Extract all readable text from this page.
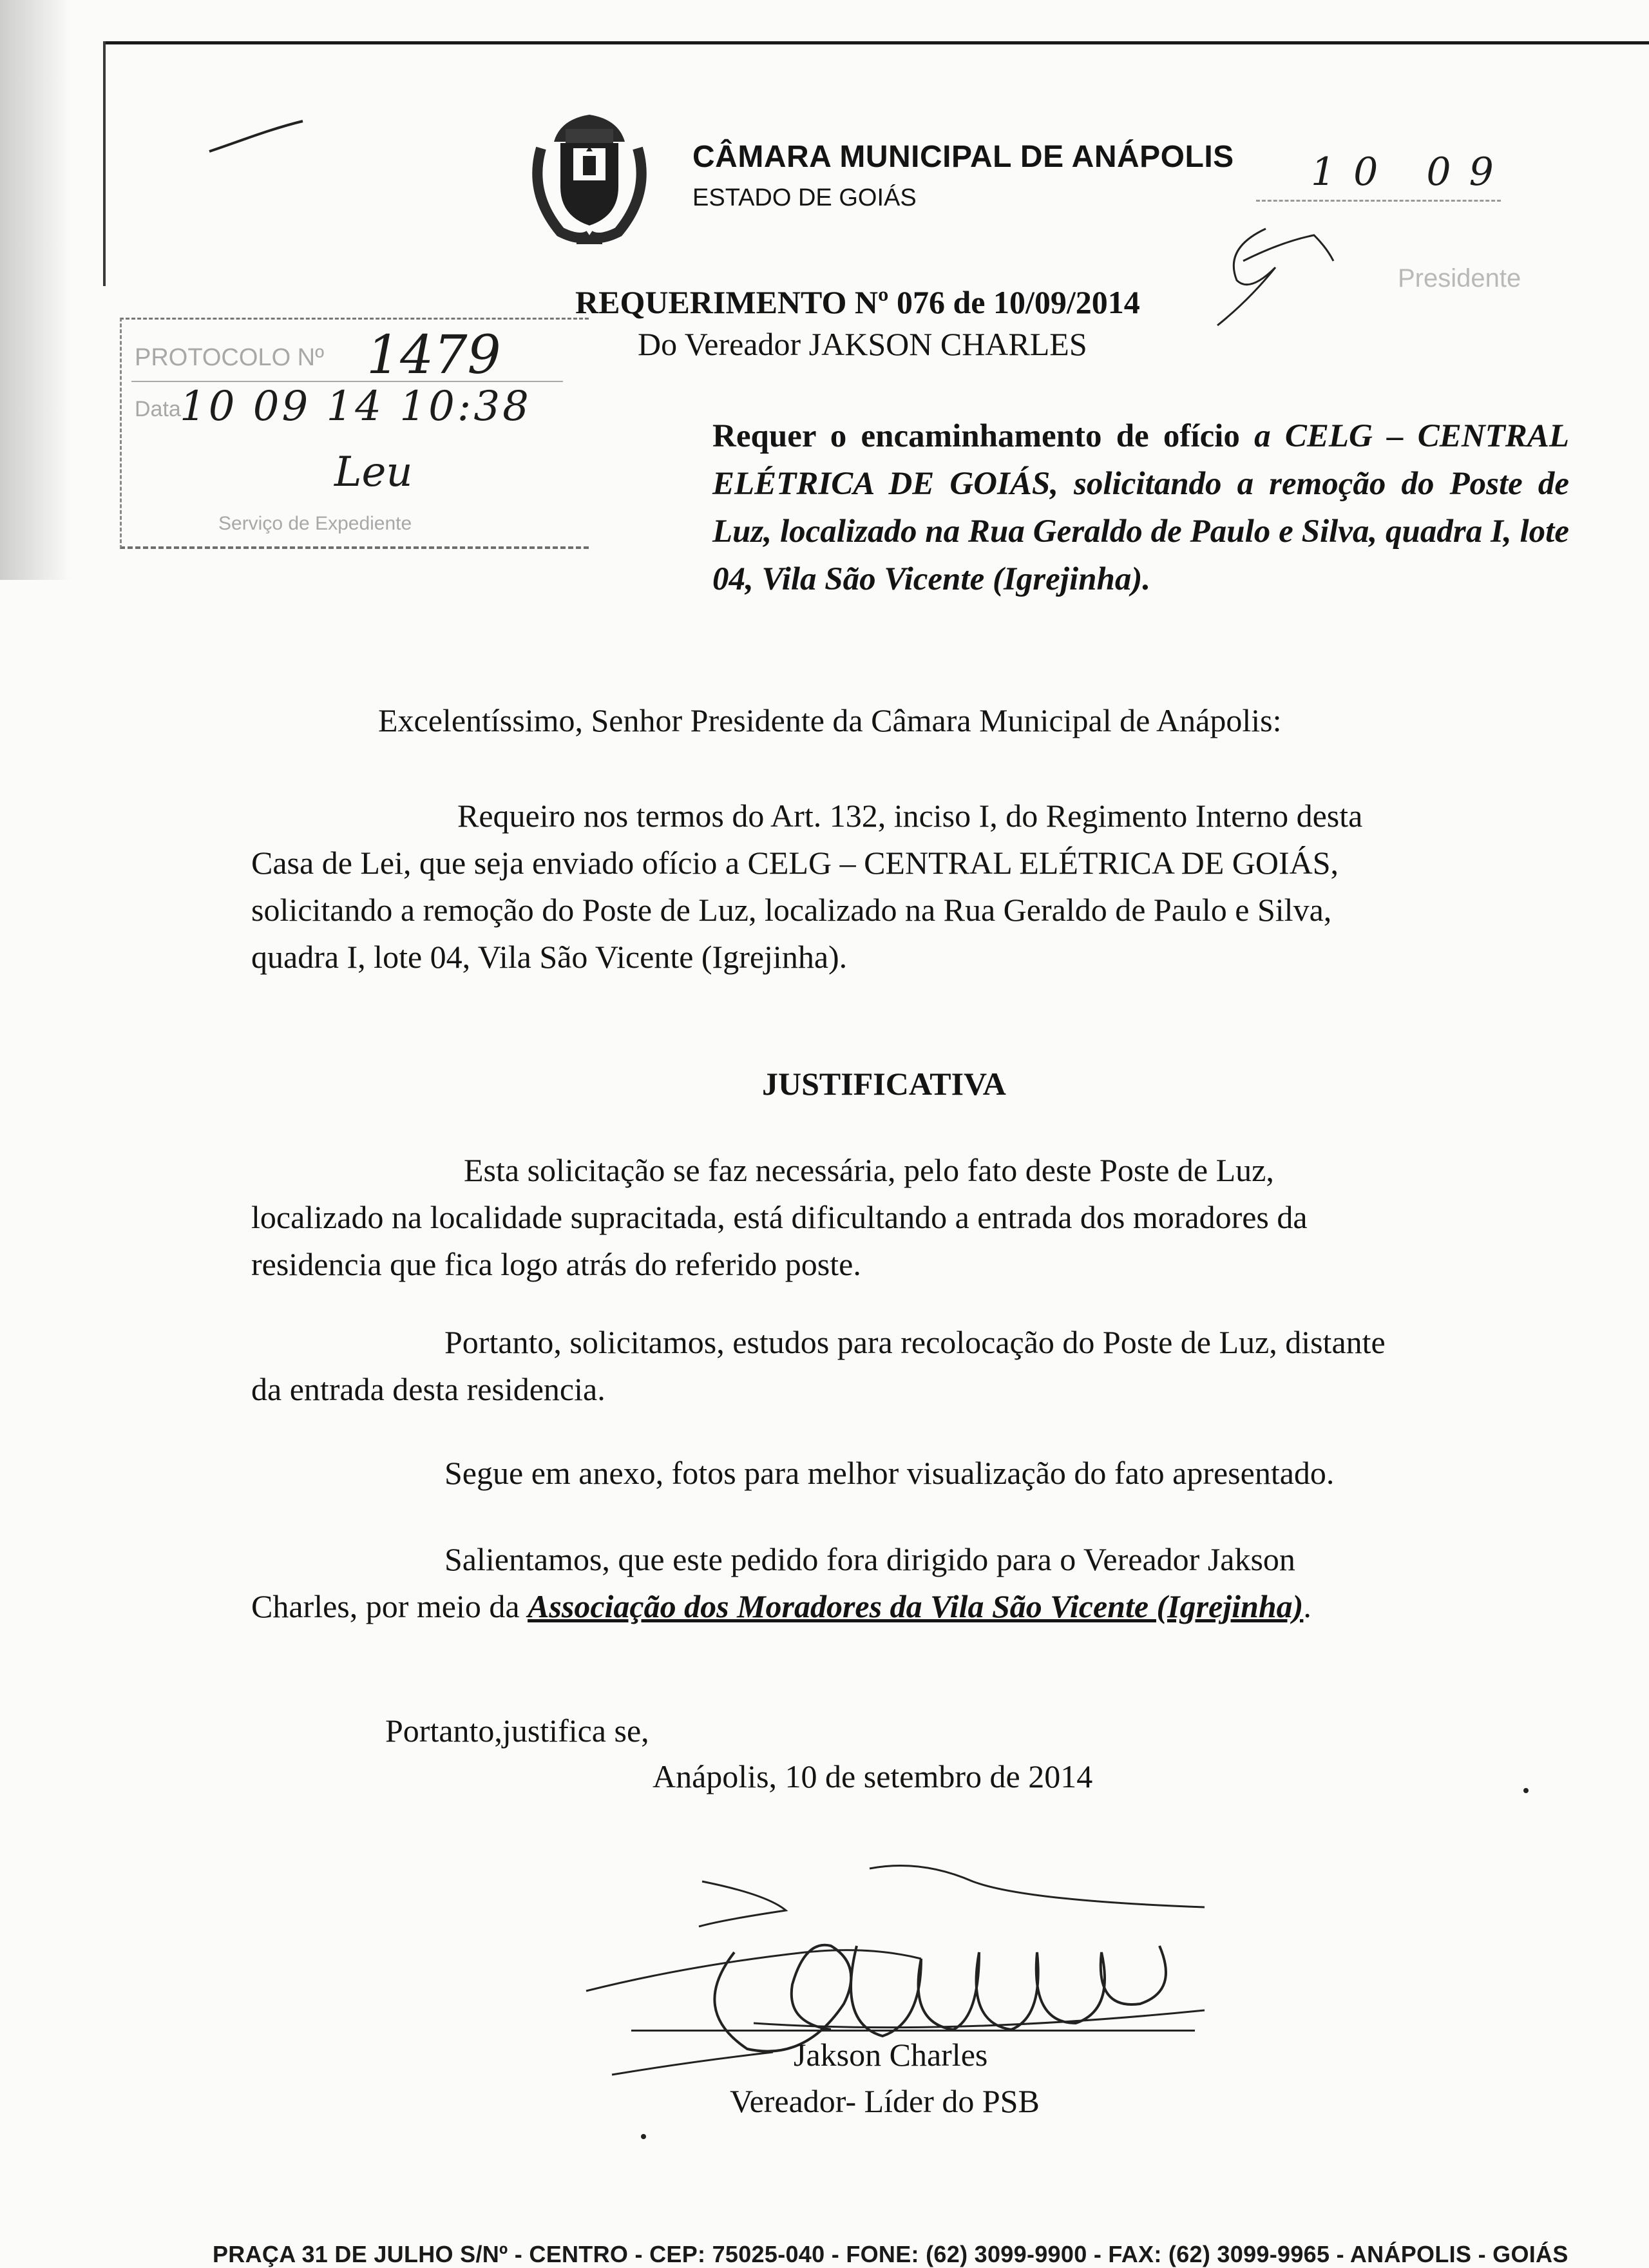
CÂMARA MUNICIPAL DE ANÁPOLIS
ESTADO DE GOIÁS
10 09
Presidente
REQUERIMENTO Nº 076 de 10/09/2014
Do Vereador JAKSON CHARLES
PROTOCOLO Nº 1479
Data
10 09 14 10:38
Leu
Serviço de Expediente
Requer o encaminhamento de ofício a CELG – CENTRAL ELÉTRICA DE GOIÁS, solicitando a remoção do Poste de Luz, localizado na Rua Geraldo de Paulo e Silva, quadra I, lote 04, Vila São Vicente (Igrejinha).

Excelentíssimo, Senhor Presidente da Câmara Municipal de Anápolis:

Requeiro nos termos do Art. 132, inciso I, do Regimento Interno desta
Casa de Lei, que seja enviado ofício a CELG – CENTRAL ELÉTRICA DE GOIÁS,
solicitando a remoção do Poste de Luz, localizado na Rua Geraldo de Paulo e Silva,
quadra I, lote 04, Vila São Vicente (Igrejinha).

JUSTIFICATIVA

Esta solicitação se faz necessária, pelo fato deste Poste de Luz,
localizado na localidade supracitada, está dificultando a entrada dos moradores da
residencia que fica logo atrás do referido poste.

Portanto, solicitamos, estudos para recolocação do Poste de Luz, distante
da entrada desta residencia.

Segue em anexo, fotos para melhor visualização do fato apresentado.

Salientamos, que este pedido fora dirigido para o Vereador Jakson
Charles, por meio da Associação dos Moradores da Vila São Vicente (Igrejinha).

Portanto,justifica se,
Anápolis, 10 de setembro de 2014
Jakson Charles
Vereador- Líder do PSB
PRAÇA 31 DE JULHO S/Nº - CENTRO - CEP: 75025-040 - FONE: (62) 3099-9900 - FAX: (62) 3099-9965 - ANÁPOLIS - GOIÁS
